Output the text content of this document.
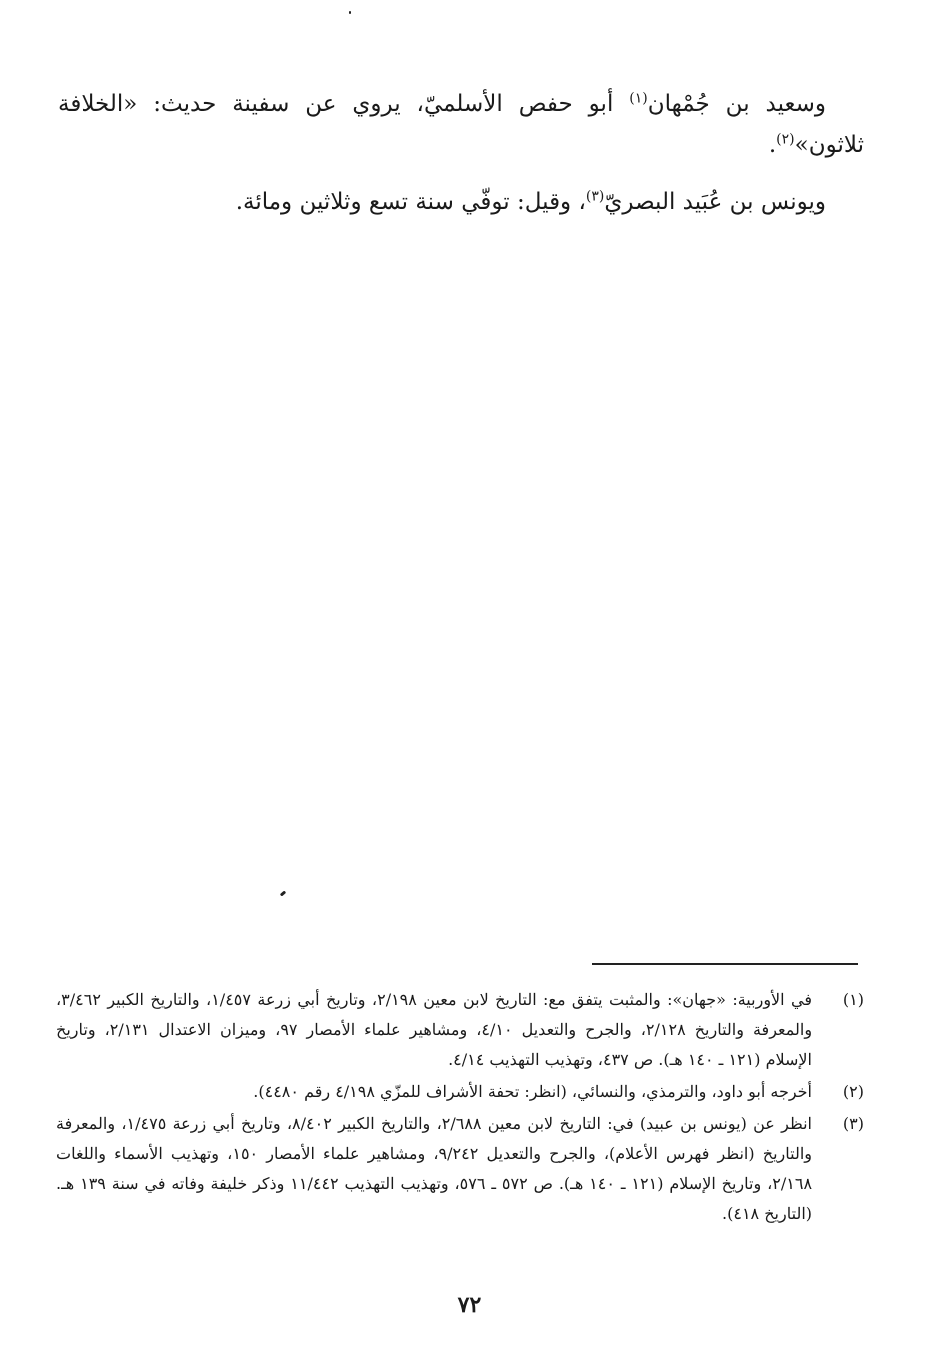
وسعيد بن جُمْهان$^{(١)}$ أبو حفص الأسلميّ، يروي عن سفينة حديث: «الخلافة ثلاثون»$^{(٢)}$.

ويونس بن عُبَيد البصريّ$^{(٣)}$، وقيل: توفّي سنة تسع وثلاثين ومائة.

(١)
في الأوربية: «جهان»: والمثبت يتفق مع: التاريخ لابن معين ٢/١٩٨، وتاريخ أبي زرعة ١/٤٥٧، والتاريخ الكبير ٣/٤٦٢، والمعرفة والتاريخ ٢/١٢٨، والجرح والتعديل ٤/١٠، ومشاهير علماء الأمصار ٩٧، وميزان الاعتدال ٢/١٣١، وتاريخ الإسلام (١٢١ ـ ١٤٠ هـ). ص ٤٣٧، وتهذيب التهذيب ٤/١٤.
(٢)
أخرجه أبو داود، والترمذي، والنسائي، (انظر: تحفة الأشراف للمزّي ٤/١٩٨ رقم ٤٤٨٠).
(٣)
انظر عن (يونس بن عبيد) في: التاريخ لابن معين ٢/٦٨٨، والتاريخ الكبير ٨/٤٠٢، وتاريخ أبي زرعة ١/٤٧٥، والمعرفة والتاريخ (انظر فهرس الأعلام)، والجرح والتعديل ٩/٢٤٢، ومشاهير علماء الأمصار ١٥٠، وتهذيب الأسماء واللغات ٢/١٦٨، وتاريخ الإسلام (١٢١ ـ ١٤٠ هـ). ص ٥٧٢ ـ ٥٧٦، وتهذيب التهذيب ١١/٤٤٢ وذكر خليفة وفاته في سنة ١٣٩ هـ. (التاريخ ٤١٨).
٧٢
